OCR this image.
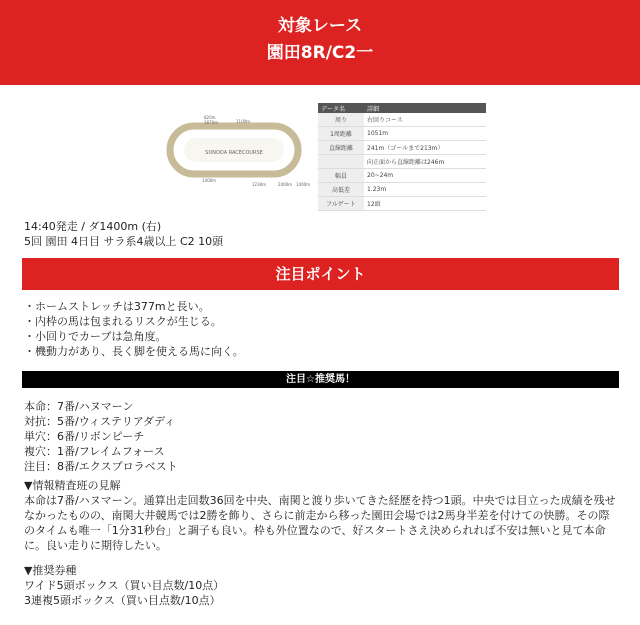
対象レース
園田8R/C2一
SONODA RACECOURSE
820m
1100m
1870m
1400m
1230m	2400m 1400m
データ名	詳細
周り	右回りコース
1周距離	1051m
直線距離	241m（ゴールまで213m）
	向正面から直線距離は246m
幅員	20~24m
高低差	1.23m
フルゲート	12頭
14:40発走 / ダ1400m (右)
5回 園田 4日目 サラ系4歳以上 C2 10頭
注目ポイント
・ホームストレッチは377mと長い。
・内枠の馬は包まれるリスクが生じる。
・小回りでカーブは急角度。
・機動力があり、長く脚を使える馬に向く。
注目☆推奨馬！
本命：7番/ハヌマーン
対抗：5番/ウィステリアダディ
単穴：6番/リボンピーチ
複穴：1番/フレイムフォース
注目：8番/エクスプロラベスト
▼情報精査班の見解
本命は7番/ハヌマーン。通算出走回数36回を中央、南関と渡り歩いてきた経歴を持つ1頭。中央では目立った成績を残せなかったものの、南関大井競馬では2勝を飾り、さらに前走から移った園田会場では2馬身半差を付けての快勝。その際のタイムも唯一「1分31秒台」と調子も良い。枠も外位置なので、好スタートさえ決められれば不安は無いと見て本命に。良い走りに期待したい。
▼推奨券種
ワイド5頭ボックス（買い目点数/10点）
3連複5頭ボックス（買い目点数/10点）
